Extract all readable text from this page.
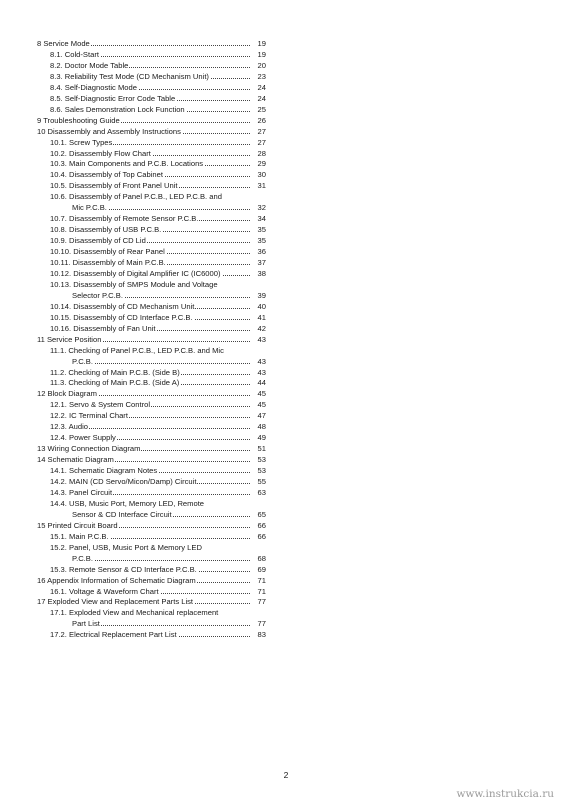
8 Service Mode	19
8.1. Cold-Start	19
8.2. Doctor Mode Table	20
8.3. Reliability Test Mode (CD Mechanism Unit)	23
8.4. Self-Diagnostic Mode	24
8.5. Self-Diagnostic Error Code Table	24
8.6. Sales Demonstration Lock Function	25
9 Troubleshooting Guide	26
10 Disassembly and Assembly Instructions	27
10.1. Screw Types	27
10.2. Disassembly Flow Chart	28
10.3. Main Components and P.C.B. Locations	29
10.4. Disassembly of Top Cabinet	30
10.5. Disassembly of Front Panel Unit	31
10.6. Disassembly of Panel P.C.B., LED P.C.B. and
Mic P.C.B.	32
10.7. Disassembly of Remote Sensor P.C.B.	34
10.8. Disassembly of USB P.C.B.	35
10.9. Disassembly of CD Lid	35
10.10. Disassembly of Rear Panel	36
10.11. Disassembly of Main P.C.B.	37
10.12. Disassembly of Digital Amplifier IC (IC6000)	38
10.13. Disassembly of SMPS Module and Voltage
Selector P.C.B.	39
10.14. Disassembly of CD Mechanism Unit	40
10.15. Disassembly of CD Interface P.C.B.	41
10.16. Disassembly of Fan Unit	42
11 Service Position	43
11.1. Checking of Panel P.C.B., LED P.C.B. and Mic
P.C.B.	43
11.2. Checking of Main P.C.B. (Side B)	43
11.3. Checking of Main P.C.B. (Side A)	44
12 Block Diagram	45
12.1. Servo & System Control	45
12.2. IC Terminal Chart	47
12.3. Audio	48
12.4. Power Supply	49
13 Wiring Connection Diagram	51
14 Schematic Diagram	53
14.1. Schematic Diagram Notes	53
14.2. MAIN (CD Servo/Micon/Damp) Circuit	55
14.3. Panel Circuit	63
14.4. USB, Music Port, Memory LED, Remote
Sensor & CD Interface Circuit	65
15 Printed Circuit Board	66
15.1. Main P.C.B.	66
15.2. Panel, USB, Music Port & Memory LED
P.C.B.	68
15.3. Remote Sensor & CD Interface P.C.B.	69
16 Appendix Information of Schematic Diagram	71
16.1. Voltage & Waveform Chart	71
17 Exploded View and Replacement Parts List	77
17.1. Exploded View and Mechanical replacement
Part List	77
17.2. Electrical Replacement Part List	83
2
www.instrukcia.ru
